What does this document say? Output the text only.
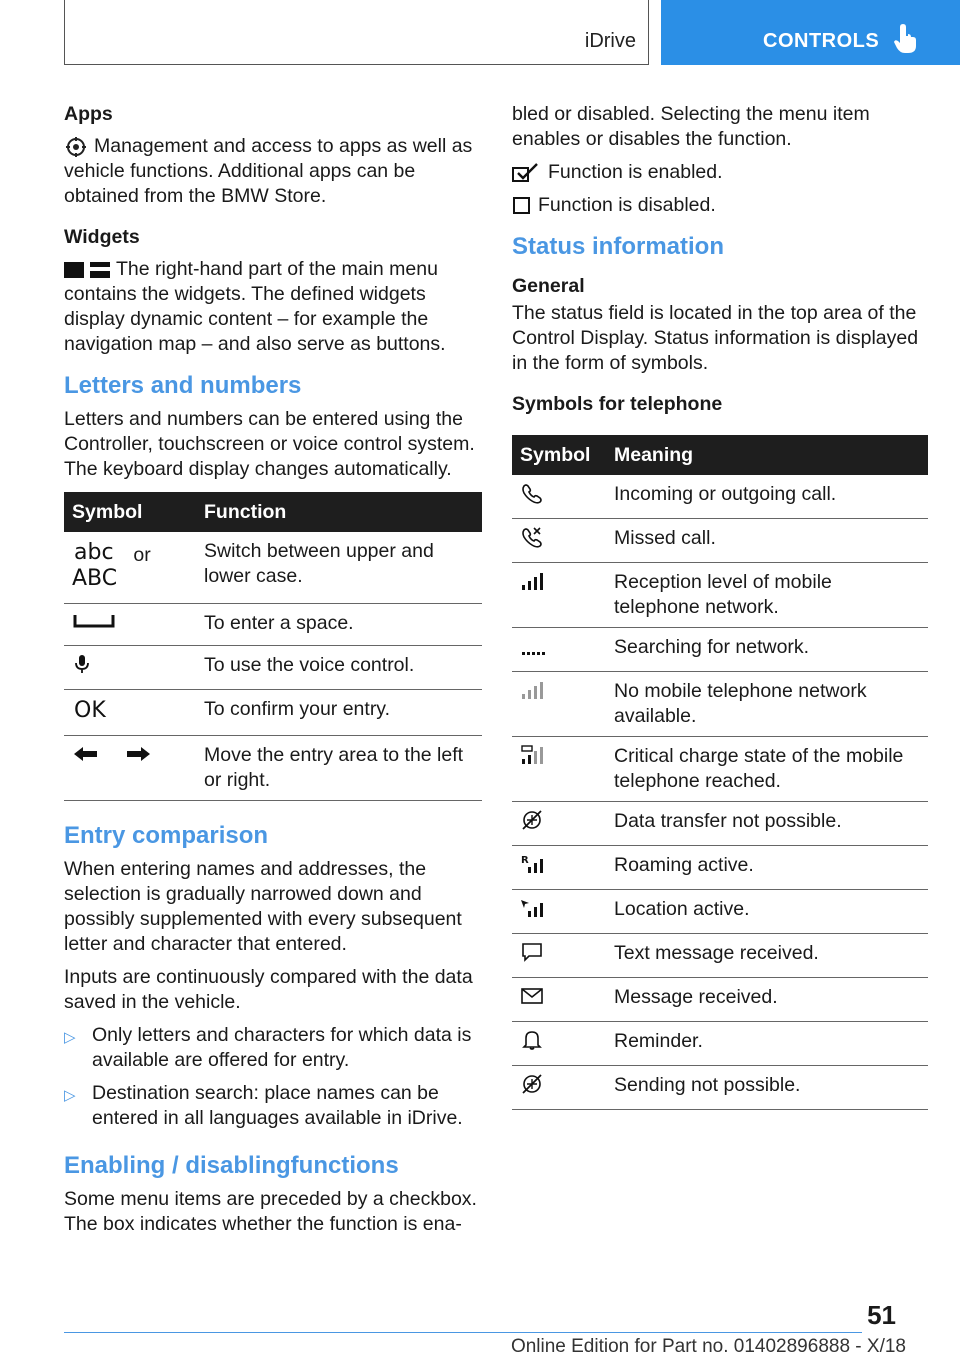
iDrive	CONTROLS
Apps

Management and access to apps as well as vehicle functions. Additional apps can be obtained from the BMW Store.

Widgets

The right-hand part of the main menu contains the widgets. The defined widgets display dynamic content – for example the navigation map – and also serve as buttons.

Letters and numbers

Letters and numbers can be entered using the Controller, touchscreen or voice control system. The keyboard display changes automatically.

Symbol	Function

abc
ABC
or	Switch between upper and lower case.
	To enter a space.
	To use the voice control.

OK	To confirm your entry.
	Move the entry area to the left or right.
Entry comparison

When entering names and addresses, the selection is gradually narrowed down and possibly supplemented with every subsequent letter and character that entered.

Inputs are continuously compared with the data saved in the vehicle.

▷ Only letters and characters for which data is available are offered for entry.
▷ Destination search: place names can be entered in all languages available in iDrive.
Enabling / disablingfunctions

Some menu items are preceded by a checkbox. The box indicates whether the function is ena-

bled or disabled. Selecting the menu item enables or disables the function.

Function is enabled.

Function is disabled.

Status information
General

The status field is located in the top area of the Control Display. Status information is displayed in the form of symbols.

Symbols for telephone
Symbol	Meaning
	Incoming or outgoing call.
	Missed call.
	Reception level of mobile telephone network.
	Searching for network.
	No mobile telephone network available.
	Critical charge state of the mobile telephone reached.
	Data transfer not possible.

R	Roaming active.
	Location active.
	Text message received.
	Message received.
	Reminder.
	Sending not possible.
51
Online Edition for Part no. 01402896888 - X/18
